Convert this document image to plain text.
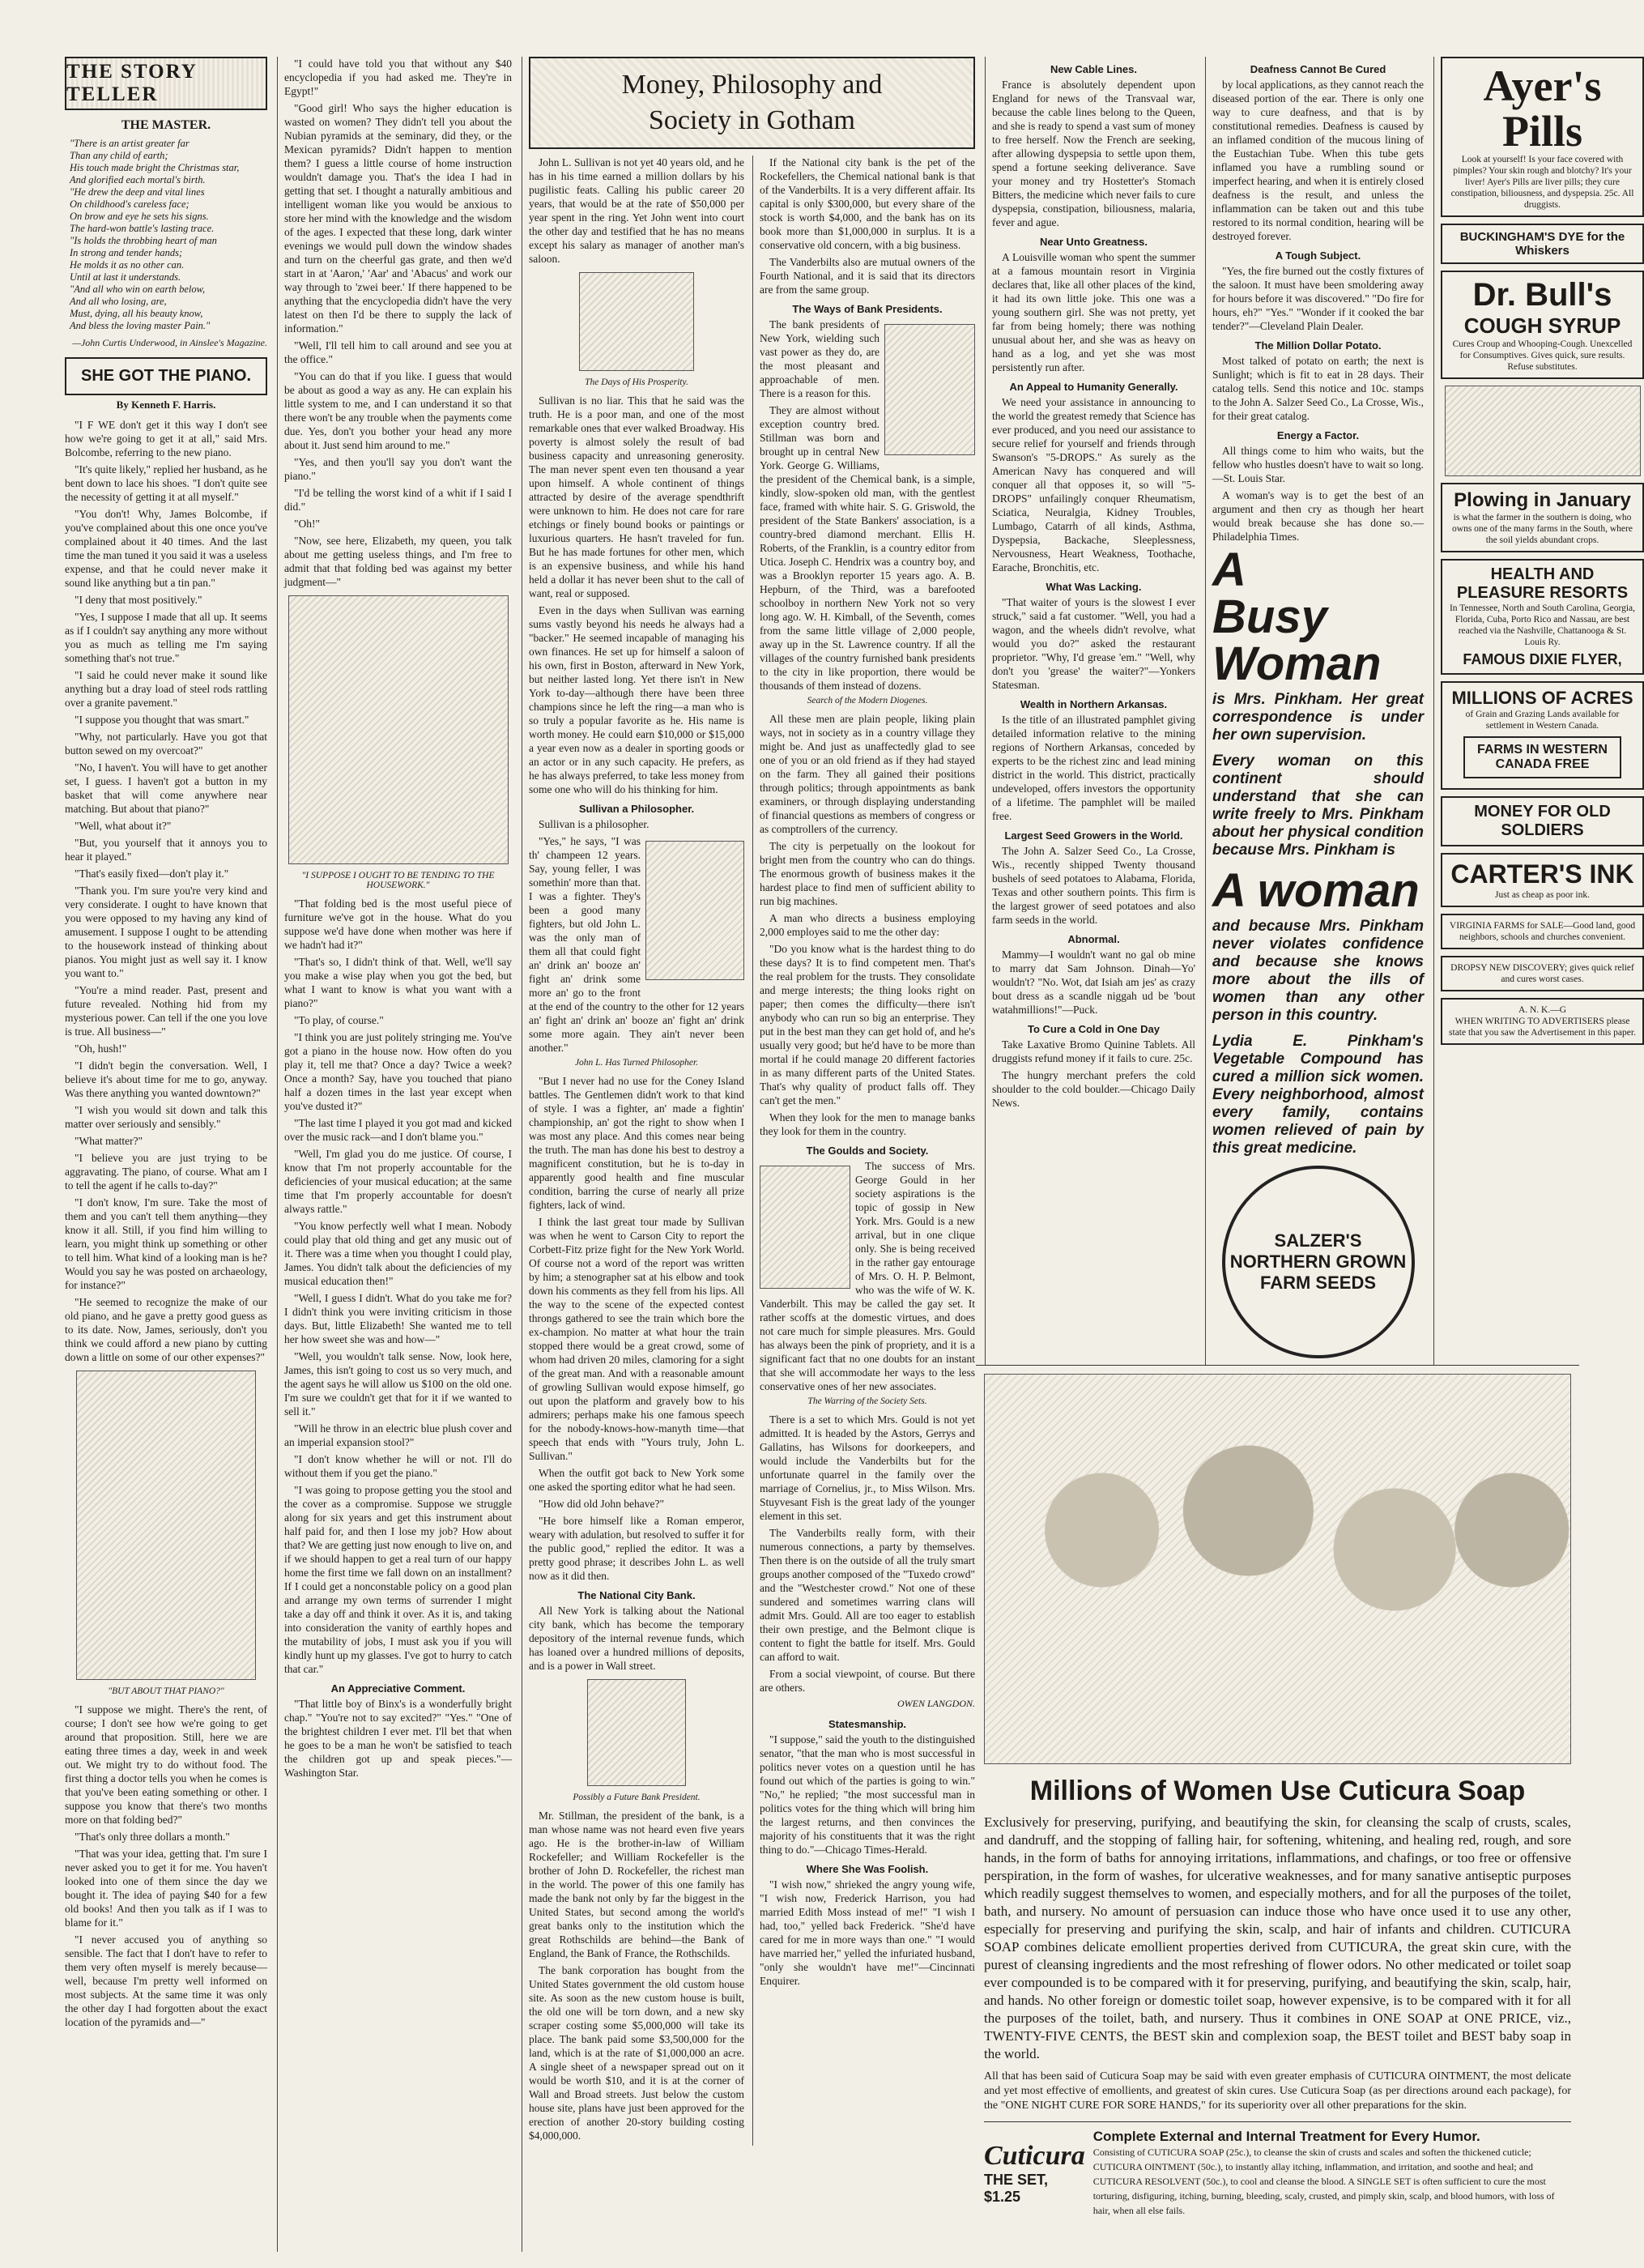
THE STORY TELLER
THE MASTER.
"There is an artist greater far
Than any child of earth;
His touch made bright the Christmas star,
And glorified each mortal's birth.
"He drew the deep and vital lines
On childhood's careless face;
On brow and eye he sets his signs.
The hard-won battle's lasting trace.
"Is holds the throbbing heart of man
In strong and tender hands;
He molds it as no other can.
Until at last it understands.
"And all who win on earth below,
And all who losing, are,
Must, dying, all his beauty know,
And bless the loving master Pain."
—John Curtis Underwood, in Ainslee's Magazine.
SHE GOT THE PIANO.
By Kenneth F. Harris.

"I F WE don't get it this way I don't see how we're going to get it at all," said Mrs. Bolcombe, referring to the new piano.

"It's quite likely," replied her husband, as he bent down to lace his shoes. "I don't quite see the necessity of getting it at all myself."

"You don't! Why, James Bolcombe, if you've complained about this one once you've complained about it 40 times. And the last time the man tuned it you said it was a useless expense, and that he could never make it sound like anything but a tin pan."

"I deny that most positively."

"Yes, I suppose I made that all up. It seems as if I couldn't say anything any more without you as much as telling me I'm saying something that's not true."

"I said he could never make it sound like anything but a dray load of steel rods rattling over a granite pavement."

"I suppose you thought that was smart."

"Why, not particularly. Have you got that button sewed on my overcoat?"

"No, I haven't. You will have to get another set, I guess. I haven't got a button in my basket that will come anywhere near matching. But about that piano?"

"Well, what about it?"

"But, you yourself that it annoys you to hear it played."

"That's easily fixed—don't play it."

"Thank you. I'm sure you're very kind and very considerate. I ought to have known that you were opposed to my having any kind of amusement. I suppose I ought to be attending to the housework instead of thinking about pianos. You might just as well say it. I know you want to."

"You're a mind reader. Past, present and future revealed. Nothing hid from my mysterious power. Can tell if the one you love is true. All business—"

"Oh, hush!"

"I didn't begin the conversation. Well, I believe it's about time for me to go, anyway. Was there anything you wanted downtown?"

"I wish you would sit down and talk this matter over seriously and sensibly."

"What matter?"

"I believe you are just trying to be aggravating. The piano, of course. What am I to tell the agent if he calls to-day?"

"I don't know, I'm sure. Take the most of them and you can't tell them anything—they know it all. Still, if you find him willing to learn, you might think up something or other to tell him. What kind of a looking man is he? Would you say he was posted on archaeology, for instance?"

"He seemed to recognize the make of our old piano, and he gave a pretty good guess as to its date. Now, James, seriously, don't you think we could afford a new piano by cutting down a little on some of our other expenses?"

"BUT ABOUT THAT PIANO?"

"I suppose we might. There's the rent, of course; I don't see how we're going to get around that proposition. Still, here we are eating three times a day, week in and week out. We might try to do without food. The first thing a doctor tells you when he comes is that you've been eating something or other. I suppose you know that there's two months more on that folding bed?"

"That's only three dollars a month."

"That was your idea, getting that. I'm sure I never asked you to get it for me. You haven't looked into one of them since the day we bought it. The idea of paying $40 for a few old books! And then you talk as if I was to blame for it."

"I never accused you of anything so sensible. The fact that I don't have to refer to them very often myself is merely because—well, because I'm pretty well informed on most subjects. At the same time it was only the other day I had forgotten about the exact location of the pyramids and—"

"I could have told you that without any $40 encyclopedia if you had asked me. They're in Egypt!"

"Good girl! Who says the higher education is wasted on women? They didn't tell you about the Nubian pyramids at the seminary, did they, or the Mexican pyramids? Didn't happen to mention them? I guess a little course of home instruction wouldn't damage you. That's the idea I had in getting that set. I thought a naturally ambitious and intelligent woman like you would be anxious to store her mind with the knowledge and the wisdom of the ages. I expected that these long, dark winter evenings we would pull down the window shades and turn on the cheerful gas grate, and then we'd start in at 'Aaron,' 'Aar' and 'Abacus' and work our way through to 'zwei beer.' If there happened to be anything that the encyclopedia didn't have the very latest on then I'd be there to supply the lack of information."

"Well, I'll tell him to call around and see you at the office."

"You can do that if you like. I guess that would be about as good a way as any. He can explain his little system to me, and I can understand it so that there won't be any trouble when the payments come due. Yes, don't you bother your head any more about it. Just send him around to me."

"Yes, and then you'll say you don't want the piano."

"I'd be telling the worst kind of a whit if I said I did."

"Oh!"

"Now, see here, Elizabeth, my queen, you talk about me getting useless things, and I'm free to admit that that folding bed was against my better judgment—"

"I SUPPOSE I OUGHT TO BE TENDING TO THE HOUSEWORK."

"That folding bed is the most useful piece of furniture we've got in the house. What do you suppose we'd have done when mother was here if we hadn't had it?"

"That's so, I didn't think of that. Well, we'll say you make a wise play when you got the bed, but what I want to know is what you want with a piano?"

"To play, of course."

"I think you are just politely stringing me. You've got a piano in the house now. How often do you play it, tell me that? Once a day? Twice a week? Once a month? Say, have you touched that piano half a dozen times in the last year except when you've dusted it?"

"The last time I played it you got mad and kicked over the music rack—and I don't blame you."

"Well, I'm glad you do me justice. Of course, I know that I'm not properly accountable for the deficiencies of your musical education; at the same time that I'm properly accountable for doesn't always rattle."

"You know perfectly well what I mean. Nobody could play that old thing and get any music out of it. There was a time when you thought I could play, James. You didn't talk about the deficiencies of my musical education then!"

"Well, I guess I didn't. What do you take me for? I didn't think you were inviting criticism in those days. But, little Elizabeth! She wanted me to tell her how sweet she was and how—"

"Well, you wouldn't talk sense. Now, look here, James, this isn't going to cost us so very much, and the agent says he will allow us $100 on the old one. I'm sure we couldn't get that for it if we wanted to sell it."

"Will he throw in an electric blue plush cover and an imperial expansion stool?"

"I don't know whether he will or not. I'll do without them if you get the piano."

"I was going to propose getting you the stool and the cover as a compromise. Suppose we struggle along for six years and get this instrument about half paid for, and then I lose my job? How about that? We are getting just now enough to live on, and if we should happen to get a real turn of our happy home the first time we fall down on an installment? If I could get a nonconstable policy on a good plan and arrange my own terms of surrender I might take a day off and think it over. As it is, and taking into consideration the vanity of earthly hopes and the mutability of jobs, I must ask you if you will kindly hunt up my glasses. I've got to hurry to catch that car."

An Appreciative Comment.

"That little boy of Binx's is a wonderfully bright chap." "You're not to say excited?" "Yes." "One of the brightest children I ever met. I'll bet that when he goes to be a man he won't be satisfied to teach the children got up and speak pieces."—Washington Star.

Money, Philosophy and
Society in Gotham

John L. Sullivan is not yet 40 years old, and he has in his time earned a million dollars by his pugilistic feats. Calling his public career 20 years, that would be at the rate of $50,000 per year spent in the ring. Yet John went into court the other day and testified that he has no means except his salary as manager of another man's saloon.

The Days of His Prosperity.

Sullivan is no liar. This that he said was the truth. He is a poor man, and one of the most remarkable ones that ever walked Broadway. His poverty is almost solely the result of bad business capacity and unreasoning generosity. The man never spent even ten thousand a year upon himself. A whole continent of things attracted by desire of the average spendthrift were unknown to him. He does not care for rare etchings or finely bound books or paintings or luxurious quarters. He hasn't traveled for fun. But he has made fortunes for other men, which is an expensive business, and while his hand held a dollar it has never been shut to the call of want, real or supposed.

Even in the days when Sullivan was earning sums vastly beyond his needs he always had a "backer." He seemed incapable of managing his own finances. He set up for himself a saloon of his own, first in Boston, afterward in New York, but neither lasted long. Yet there isn't in New York to-day—although there have been three champions since he left the ring—a man who is so truly a popular favorite as he. His name is worth money. He could earn $10,000 or $15,000 a year even now as a dealer in sporting goods or an actor or in any such capacity. He prefers, as he has always preferred, to take less money from some one who will do his thinking for him.

Sullivan a Philosopher.

Sullivan is a philosopher.

"Yes," he says, "I was th' champeen 12 years. Say, young feller, I was somethin' more than that. I was a fighter. They's been a good many fighters, but old John L. was the only man of them all that could fight an' drink an' booze an' fight an' drink some more an' go to the front at the end of the country to the other for 12 years an' fight an' drink an' booze an' fight an' drink some more again. They ain't never been another."

John L. Has Turned Philosopher.

"But I never had no use for the Coney Island battles. The Gentlemen didn't work to that kind of style. I was a fighter, an' made a fightin' championship, an' got the right to show when I was most any place. And this comes near being the truth. The man has done his best to destroy a magnificent constitution, but he is to-day in apparently good health and fine muscular condition, barring the curse of nearly all prize fighters, lack of wind.

I think the last great tour made by Sullivan was when he went to Carson City to report the Corbett-Fitz prize fight for the New York World. Of course not a word of the report was written by him; a stenographer sat at his elbow and took down his comments as they fell from his lips. All the way to the scene of the expected contest throngs gathered to see the train which bore the ex-champion. No matter at what hour the train stopped there would be a great crowd, some of whom had driven 20 miles, clamoring for a sight of the great man. And with a reasonable amount of growling Sullivan would expose himself, go out upon the platform and gravely bow to his admirers; perhaps make his one famous speech for the nobody-knows-how-manyth time—that speech that ends with "Yours truly, John L. Sullivan."

When the outfit got back to New York some one asked the sporting editor what he had seen.

"How did old John behave?"

"He bore himself like a Roman emperor, weary with adulation, but resolved to suffer it for the public good," replied the editor. It was a pretty good phrase; it describes John L. as well now as it did then.

The National City Bank.

All New York is talking about the National city bank, which has become the temporary depository of the internal revenue funds, which has loaned over a hundred millions of deposits, and is a power in Wall street.

Possibly a Future Bank President.

Mr. Stillman, the president of the bank, is a man whose name was not heard even five years ago. He is the brother-in-law of William Rockefeller; and William Rockefeller is the brother of John D. Rockefeller, the richest man in the world. The power of this one family has made the bank not only by far the biggest in the United States, but second among the world's great banks only to the institution which the great Rothschilds are behind—the Bank of England, the Bank of France, the Rothschilds.

The bank corporation has bought from the United States government the old custom house site. As soon as the new custom house is built, the old one will be torn down, and a new sky scraper costing some $5,000,000 will take its place. The bank paid some $3,500,000 for the land, which is at the rate of $1,000,000 an acre. A single sheet of a newspaper spread out on it would be worth $10, and it is at the corner of Wall and Broad streets. Just below the custom house site, plans have just been approved for the erection of another 20-story building costing $4,000,000.

If the National city bank is the pet of the Rockefellers, the Chemical national bank is that of the Vanderbilts. It is a very different affair. Its capital is only $300,000, but every share of the stock is worth $4,000, and the bank has on its book more than $1,000,000 in surplus. It is a conservative old concern, with a big business.

The Vanderbilts also are mutual owners of the Fourth National, and it is said that its directors are from the same group.

The Ways of Bank Presidents.

The bank presidents of New York, wielding such vast power as they do, are the most pleasant and approachable of men. There is a reason for this.

They are almost without exception country bred. Stillman was born and brought up in central New York. George G. Williams, the president of the Chemical bank, is a simple, kindly, slow-spoken old man, with the gentlest face, framed with white hair. S. G. Griswold, the president of the State Bankers' association, is a country-bred diamond merchant. Ellis H. Roberts, of the Franklin, is a country editor from Utica. Joseph C. Hendrix was a country boy, and was a Brooklyn reporter 15 years ago. A. B. Hepburn, of the Third, was a barefooted schoolboy in northern New York not so very long ago. W. H. Kimball, of the Seventh, comes from the same little village of 2,000 people, away up in the St. Lawrence country. If all the villages of the country furnished bank presidents to the city in like proportion, there would be thousands of them instead of dozens.

Search of the Modern Diogenes.

All these men are plain people, liking plain ways, not in society as in a country village they might be. And just as unaffectedly glad to see one of you or an old friend as if they had stayed on the farm. They all gained their positions through politics; through appointments as bank examiners, or through displaying understanding of financial questions as members of congress or as comptrollers of the currency.

The city is perpetually on the lookout for bright men from the country who can do things. The enormous growth of business makes it the hardest place to find men of sufficient ability to run big machines.

A man who directs a business employing 2,000 employes said to me the other day:

"Do you know what is the hardest thing to do these days? It is to find competent men. That's the real problem for the trusts. They consolidate and merge interests; the thing looks right on paper; then comes the difficulty—there isn't anybody who can run so big an enterprise. They put in the best man they can get hold of, and he's usually very good; but he'd have to be more than mortal if he could manage 20 different factories in as many different parts of the United States. That's why quality of product falls off. They can't get the men."

When they look for the men to manage banks they look for them in the country.

The Goulds and Society.

The success of Mrs. George Gould in her society aspirations is the topic of gossip in New York. Mrs. Gould is a new arrival, but in one clique only. She is being received in the rather gay entourage of Mrs. O. H. P. Belmont, who was the wife of W. K. Vanderbilt. This may be called the gay set. It rather scoffs at the domestic virtues, and does not care much for simple pleasures. Mrs. Gould has always been the pink of propriety, and it is a significant fact that no one doubts for an instant that she will accommodate her ways to the less conservative ones of her new associates.

The Warring of the Society Sets.

There is a set to which Mrs. Gould is not yet admitted. It is headed by the Astors, Gerrys and Gallatins, has Wilsons for doorkeepers, and would include the Vanderbilts but for the unfortunate quarrel in the family over the marriage of Cornelius, jr., to Miss Wilson. Mrs. Stuyvesant Fish is the great lady of the younger element in this set.

The Vanderbilts really form, with their numerous connections, a party by themselves. Then there is on the outside of all the truly smart groups another composed of the "Tuxedo crowd" and the "Westchester crowd." Not one of these sundered and sometimes warring clans will admit Mrs. Gould. All are too eager to establish their own prestige, and the Belmont clique is content to fight the battle for itself. Mrs. Gould can afford to wait.

From a social viewpoint, of course. But there are others.

OWEN LANGDON.
Statesmanship.

"I suppose," said the youth to the distinguished senator, "that the man who is most successful in politics never votes on a question until he has found out which of the parties is going to win." "No," he replied; "the most successful man in politics votes for the thing which will bring him the largest returns, and then convinces the majority of his constituents that it was the right thing to do."—Chicago Times-Herald.

Where She Was Foolish.

"I wish now," shrieked the angry young wife, "I wish now, Frederick Harrison, you had married Edith Moss instead of me!" "I wish I had, too," yelled back Frederick. "She'd have cared for me in more ways than one." "I would have married her," yelled the infuriated husband, "only she wouldn't have me!"—Cincinnati Enquirer.

New Cable Lines.

France is absolutely dependent upon England for news of the Transvaal war, because the cable lines belong to the Queen, and she is ready to spend a vast sum of money to free herself. Now the French are seeking, after allowing dyspepsia to settle upon them, spend a fortune seeking deliverance. Save your money and try Hostetter's Stomach Bitters, the medicine which never fails to cure dyspepsia, constipation, biliousness, malaria, fever and ague.

Near Unto Greatness.

A Louisville woman who spent the summer at a famous mountain resort in Virginia declares that, like all other places of the kind, it had its own little joke. This one was a young southern girl. She was not pretty, yet far from being homely; there was nothing unusual about her, and she was as heavy on hand as a log, and yet she was most persistently run after.

An Appeal to Humanity Generally.

We need your assistance in announcing to the world the greatest remedy that Science has ever produced, and you need our assistance to secure relief for yourself and friends through Swanson's "5-DROPS." As surely as the American Navy has conquered and will conquer all that opposes it, so will "5-DROPS" unfailingly conquer Rheumatism, Sciatica, Neuralgia, Kidney Troubles, Lumbago, Catarrh of all kinds, Asthma, Dyspepsia, Backache, Sleeplessness, Nervousness, Heart Weakness, Toothache, Earache, Bronchitis, etc.

What Was Lacking.

"That waiter of yours is the slowest I ever struck," said a fat customer. "Well, you had a wagon, and the wheels didn't revolve, what would you do?" asked the restaurant proprietor. "Why, I'd grease 'em." "Well, why don't you 'grease' the waiter?"—Yonkers Statesman.

Wealth in Northern Arkansas.

Is the title of an illustrated pamphlet giving detailed information relative to the mining regions of Northern Arkansas, conceded by experts to be the richest zinc and lead mining district in the world. This district, practically undeveloped, offers investors the opportunity of a lifetime. The pamphlet will be mailed free.

Largest Seed Growers in the World.

The John A. Salzer Seed Co., La Crosse, Wis., recently shipped Twenty thousand bushels of seed potatoes to Alabama, Florida, Texas and other southern points. This firm is the largest grower of seed potatoes and also farm seeds in the world.

Abnormal.

Mammy—I wouldn't want no gal ob mine to marry dat Sam Johnson. Dinah—Yo' wouldn't? "No. Wot, dat Isiah am jes' as crazy bout dress as a scandle niggah ud be 'bout watahmillions!"—Puck.

To Cure a Cold in One Day

Take Laxative Bromo Quinine Tablets. All druggists refund money if it fails to cure. 25c.

The hungry merchant prefers the cold shoulder to the cold boulder.—Chicago Daily News.

Deafness Cannot Be Cured

by local applications, as they cannot reach the diseased portion of the ear. There is only one way to cure deafness, and that is by constitutional remedies. Deafness is caused by an inflamed condition of the mucous lining of the Eustachian Tube. When this tube gets inflamed you have a rumbling sound or imperfect hearing, and when it is entirely closed deafness is the result, and unless the inflammation can be taken out and this tube restored to its normal condition, hearing will be destroyed forever.

A Tough Subject.

"Yes, the fire burned out the costly fixtures of the saloon. It must have been smoldering away for hours before it was discovered." "Do fire for hours, eh?" "Yes." "Wonder if it cooked the bar tender?"—Cleveland Plain Dealer.

The Million Dollar Potato.

Most talked of potato on earth; the next is Sunlight; which is fit to eat in 28 days. Their catalog tells. Send this notice and 10c. stamps to the John A. Salzer Seed Co., La Crosse, Wis., for their great catalog.

Energy a Factor.

All things come to him who waits, but the fellow who hustles doesn't have to wait so long.—St. Louis Star.

A woman's way is to get the best of an argument and then cry as though her heart would break because she has done so.—Philadelphia Times.

A
Busy
Woman

is Mrs. Pinkham. Her great correspondence is under her own supervision.

Every woman on this continent should understand that she can write freely to Mrs. Pinkham about her physical condition because Mrs. Pinkham is

A woman

and because Mrs. Pinkham never violates confidence and because she knows more about the ills of women than any other person in this country.

Lydia E. Pinkham's Vegetable Compound has cured a million sick women. Every neighborhood, almost every family, contains women relieved of pain by this great medicine.

SALZER'S NORTHERN GROWN FARM SEEDS
Ayer's Pills
Look at yourself! Is your face covered with pimples? Your skin rough and blotchy? It's your liver! Ayer's Pills are liver pills; they cure constipation, biliousness, and dyspepsia. 25c. All druggists.
BUCKINGHAM'S DYE for the Whiskers
Dr. Bull's
COUGH SYRUP
Cures Croup and Whooping-Cough. Unexcelled for Consumptives. Gives quick, sure results. Refuse substitutes.
Plowing in January
is what the farmer in the southern is doing, who owns one of the many farms in the South, where the soil yields abundant crops.
HEALTH AND PLEASURE RESORTS
In Tennessee, North and South Carolina, Georgia, Florida, Cuba, Porto Rico and Nassau, are best reached via the Nashville, Chattanooga & St. Louis Ry.
FAMOUS DIXIE FLYER,
MILLIONS OF ACRES
of Grain and Grazing Lands available for settlement in Western Canada.
FARMS IN WESTERN CANADA FREE
MONEY FOR OLD SOLDIERS
CARTER'S INK
Just as cheap as poor ink.
VIRGINIA FARMS for SALE—Good land, good neighbors, schools and churches convenient.
DROPSY NEW DISCOVERY; gives quick relief and cures worst cases.
A. N. K.—G
WHEN WRITING TO ADVERTISERS please state that you saw the Advertisement in this paper.
Millions of Women Use Cuticura Soap

Exclusively for preserving, purifying, and beautifying the skin, for cleansing the scalp of crusts, scales, and dandruff, and the stopping of falling hair, for softening, whitening, and healing red, rough, and sore hands, in the form of baths for annoying irritations, inflammations, and chafings, or too free or offensive perspiration, in the form of washes, for ulcerative weaknesses, and for many sanative antiseptic purposes which readily suggest themselves to women, and especially mothers, and for all the purposes of the toilet, bath, and nursery. No amount of persuasion can induce those who have once used it to use any other, especially for preserving and purifying the skin, scalp, and hair of infants and children. CUTICURA SOAP combines delicate emollient properties derived from CUTICURA, the great skin cure, with the purest of cleansing ingredients and the most refreshing of flower odors. No other medicated or toilet soap ever compounded is to be compared with it for preserving, purifying, and beautifying the skin, scalp, hair, and hands. No other foreign or domestic toilet soap, however expensive, is to be compared with it for all the purposes of the toilet, bath, and nursery. Thus it combines in ONE SOAP at ONE PRICE, viz., TWENTY-FIVE CENTS, the BEST skin and complexion soap, the BEST toilet and BEST baby soap in the world.

All that has been said of Cuticura Soap may be said with even greater emphasis of CUTICURA OINTMENT, the most delicate and yet most effective of emollients, and greatest of skin cures. Use Cuticura Soap (as per directions around each package), for the "ONE NIGHT CURE FOR SORE HANDS," for its superiority over all other preparations for the skin.

Cuticura
THE SET, $1.25
Complete External and Internal Treatment for Every Humor.
Consisting of CUTICURA SOAP (25c.), to cleanse the skin of crusts and scales and soften the thickened cuticle; CUTICURA OINTMENT (50c.), to instantly allay itching, inflammation, and irritation, and soothe and heal; and CUTICURA RESOLVENT (50c.), to cool and cleanse the blood. A SINGLE SET is often sufficient to cure the most torturing, disfiguring, itching, burning, bleeding, scaly, crusted, and pimply skin, scalp, and blood humors, with loss of hair, when all else fails.
